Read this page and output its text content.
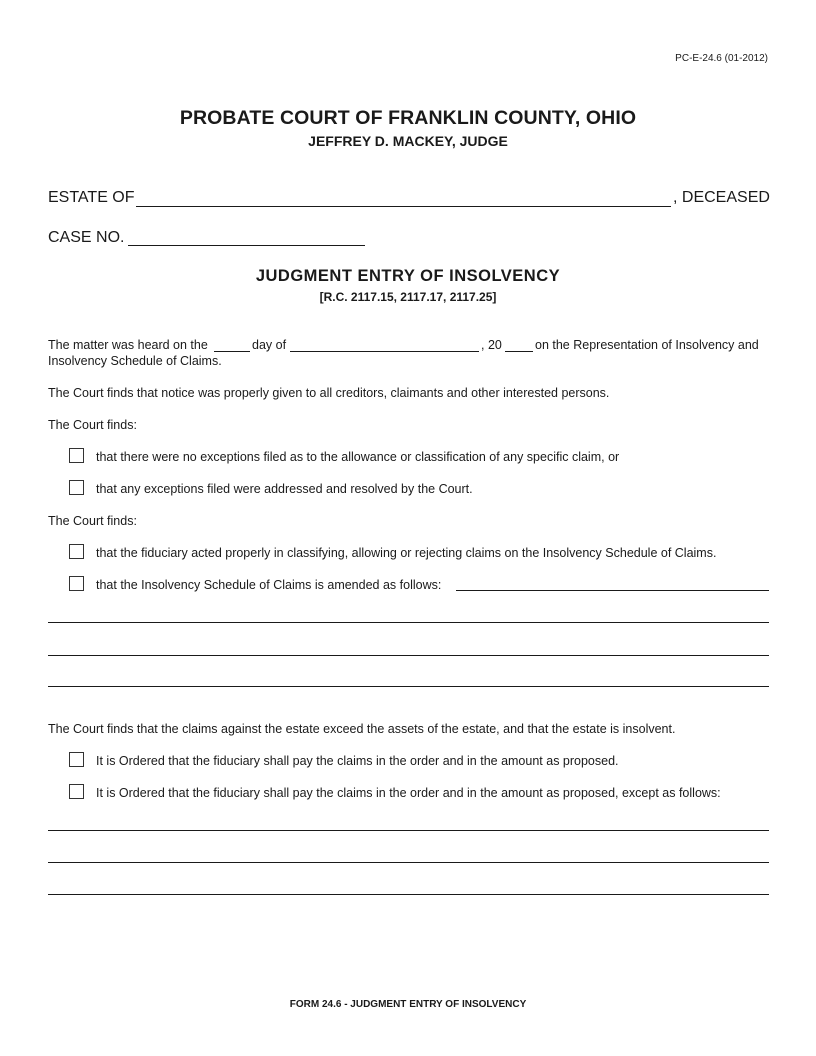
PC-E-24.6 (01-2012)
PROBATE COURT OF FRANKLIN COUNTY, OHIO
JEFFREY D. MACKEY, JUDGE
ESTATE OF	, DECEASED
CASE NO.
JUDGMENT ENTRY OF INSOLVENCY
[R.C. 2117.15, 2117.17, 2117.25]
The matter was heard on the	day of	, 20	on the Representation of Insolvency and
Insolvency Schedule of Claims.
The Court finds that notice was properly given to all creditors, claimants and other interested persons.
The Court finds:
that there were no exceptions filed as to the allowance or classification of any specific claim, or
that any exceptions filed were addressed and resolved by the Court.
The Court finds:
that the fiduciary acted properly in classifying, allowing or rejecting claims on the Insolvency Schedule of Claims.
that the Insolvency Schedule of Claims is amended as follows:
The Court finds that the claims against the estate exceed the assets of the estate, and that the estate is insolvent.
It is Ordered that the fiduciary shall pay the claims in the order and in the amount as proposed.
It is Ordered that the fiduciary shall pay the claims in the order and in the amount as proposed, except as follows:
FORM 24.6 - JUDGMENT ENTRY OF INSOLVENCY
